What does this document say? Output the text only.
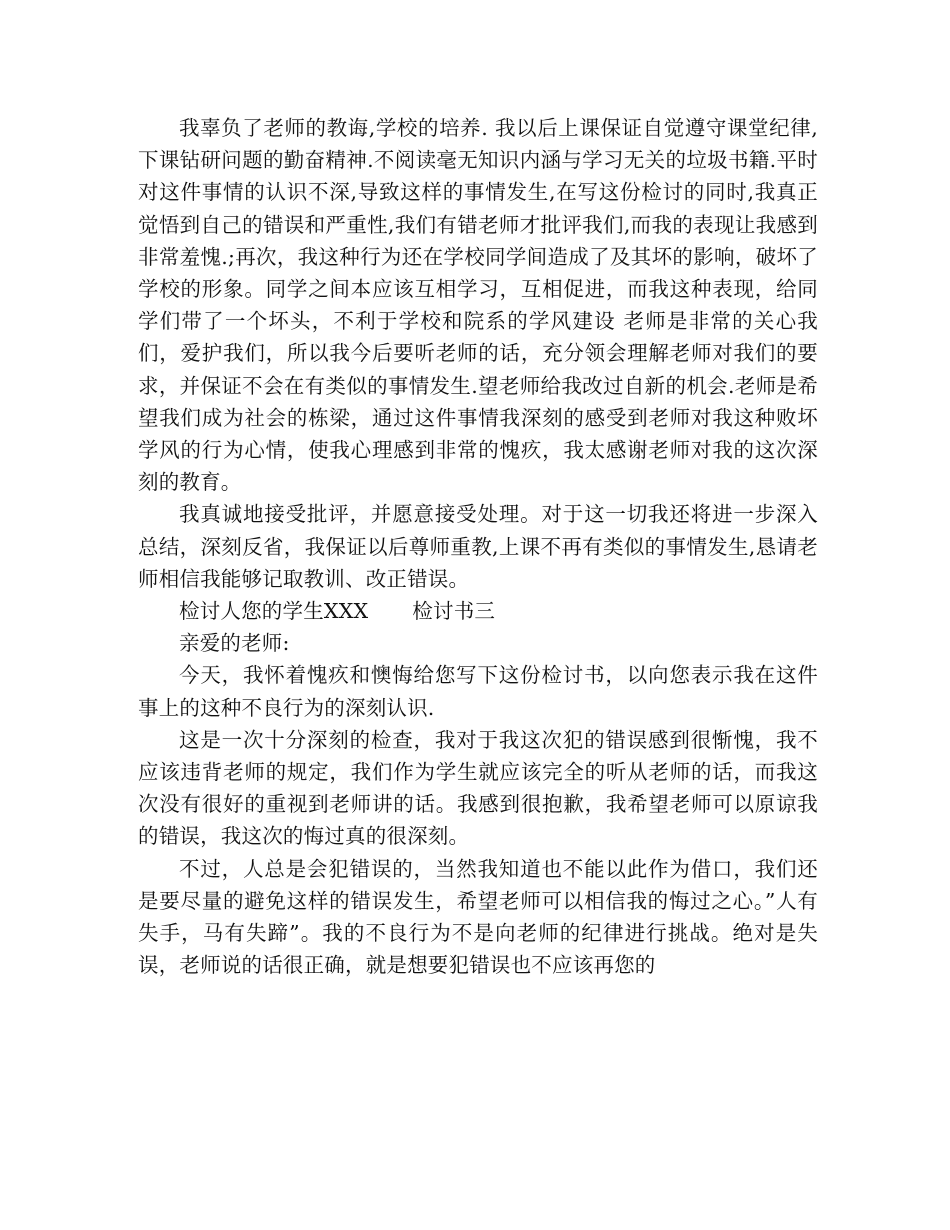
我辜负了老师的教诲,学校的培养. 我以后上课保证自觉遵守课堂纪律,下课钻研问题的勤奋精神.不阅读毫无知识内涵与学习无关的垃圾书籍.平时对这件事情的认识不深,导致这样的事情发生,在写这份检讨的同时,我真正觉悟到自己的错误和严重性,我们有错老师才批评我们,而我的表现让我感到非常羞愧.;再次，我这种行为还在学校同学间造成了及其坏的影响，破坏了学校的形象。同学之间本应该互相学习，互相促进，而我这种表现，给同学们带了一个坏头，不利于学校和院系的学风建设 老师是非常的关心我们，爱护我们，所以我今后要听老师的话，充分领会理解老师对我们的要求，并保证不会在有类似的事情发生.望老师给我改过自新的机会.老师是希望我们成为社会的栋梁，通过这件事情我深刻的感受到老师对我这种败坏学风的行为心情，使我心理感到非常的愧疚，我太感谢老师对我的这次深刻的教育。

我真诚地接受批评，并愿意接受处理。对于这一切我还将进一步深入总结，深刻反省，我保证以后尊师重教,上课不再有类似的事情发生,恳请老师相信我能够记取教训、改正错误。

检讨人您的学生XXX 检讨书三

亲爱的老师:

今天，我怀着愧疚和懊悔给您写下这份检讨书，以向您表示我在这件事上的这种不良行为的深刻认识.

这是一次十分深刻的检查，我对于我这次犯的错误感到很惭愧，我不应该违背老师的规定，我们作为学生就应该完全的听从老师的话，而我这次没有很好的重视到老师讲的话。我感到很抱歉，我希望老师可以原谅我的错误，我这次的悔过真的很深刻。

不过，人总是会犯错误的，当然我知道也不能以此作为借口，我们还是要尽量的避免这样的错误发生，希望老师可以相信我的悔过之心。”人有失手，马有失蹄”。我的不良行为不是向老师的纪律进行挑战。绝对是失误，老师说的话很正确，就是想要犯错误也不应该再您的
